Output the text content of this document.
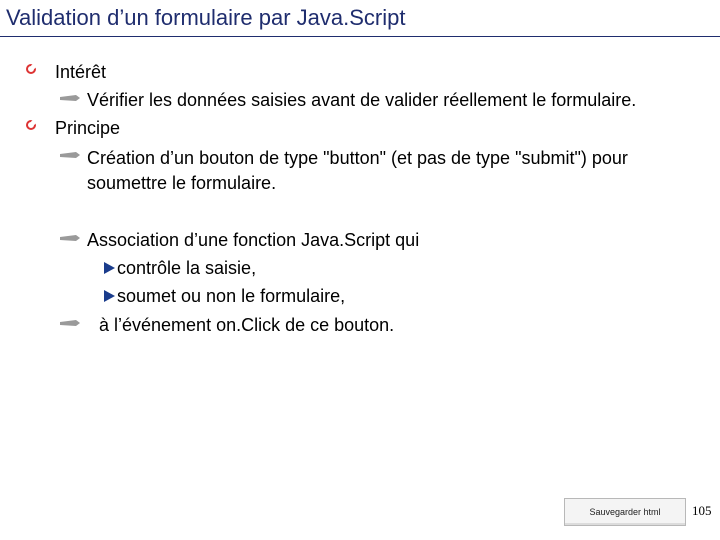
Validation d’un formulaire par Java.Script
Intérêt
Vérifier les données saisies avant de valider réellement le formulaire.
Principe
Création d’un bouton de type "button" (et pas de type "submit") pour
soumettre le formulaire.
Association d’une fonction Java.Script qui
contrôle la saisie,
soumet ou non le formulaire,
à l’événement on.Click de ce bouton.
Sauvegarder html	105
